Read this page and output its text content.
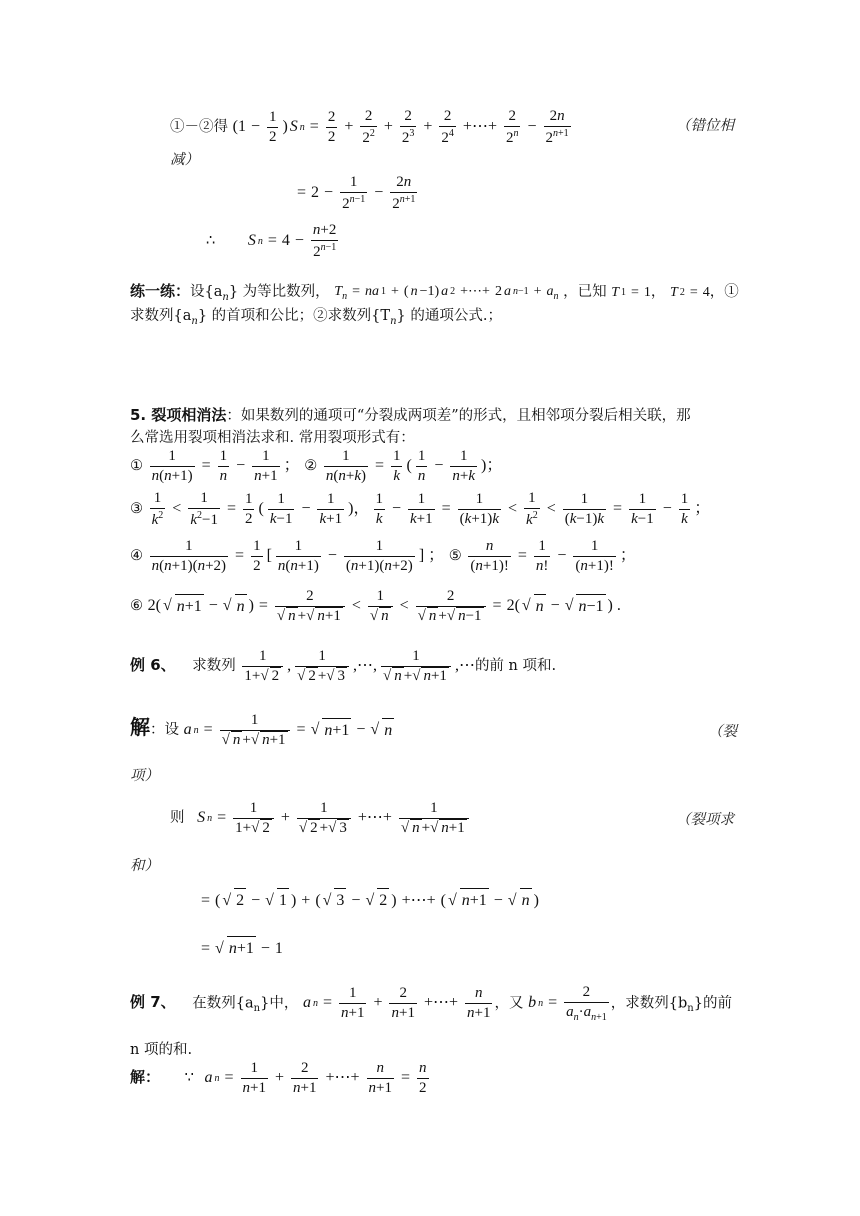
①－②得 ($1 - \frac{1}{2}$ ) S $n = \frac{2}{2} + \frac{2}{2^2} + \frac{2}{2^3} + \frac{2}{2^4}$ +⋯+ $\frac{2}{2^n} - \frac{2n}{2^{n+1}}$	（错位相
减）
= $2 - \frac{1}{2^{n-1}} - \frac{2n}{2^{n+1}}$
∴ S $n = 4 - \frac{n+2}{2^{n-1}}$
练一练：设$\{a_n\}$ 为等比数列， $T_n$ = na 1 + ( n −1) a 2 +⋯+ 2 a $n-1 + a_n$ ，已知 T 1 = 1， T 2 = 4，①
求数列$\{a_n\}$ 的首项和公比；②求数列$\{T_n\}$ 的通项公式.；
5. 裂项相消法：如果数列的通项可“分裂成两项差”的形式，且相邻项分裂后相关联，那
么常选用裂项相消法求和. 常用裂项形式有：
① $\frac{1}{n(n+1)} = \frac{1}{n} - \frac{1}{n+1}$ ； ② $\frac{1}{n(n+k)} = \frac{1}{k}$ ( $\frac{1}{n} - \frac{1}{n+k}$ )；
③ $\frac{1}{k^2} < \frac{1}{k^2-1} = \frac{1}{2}$ ( $\frac{1}{k-1} - \frac{1}{k+1}$ )， $\frac{1}{k} - \frac{1}{k+1} = \frac{1}{(k+1)k} < \frac{1}{k^2} < \frac{1}{(k-1)k} = \frac{1}{k-1} - \frac{1}{k}$ ；
④ $\frac{1}{n(n+1)(n+2)} = \frac{1}{2}$ [ $\frac{1}{n(n+1)} - \frac{1}{(n+1)(n+2)}$ ] ； ⑤ $\frac{n}{(n+1)!} = \frac{1}{n!} - \frac{1}{(n+1)!}$ ；
⑥ 2( √ n+1 − √ n ) = 2
√ n + √ n+1 < 1
√ n < 2
√ n + √ n−1 = 2( √ n − √ n−1 ) .
例 6、 求数列 $\frac{1}{1+ √ 2}$ , 1
√ 2 + √ 3 ,⋯, 1
√ n + √ n+1 ,⋯的前 n 项和.
解：设 a n = 1
√ n + √ n+1 = √ n+1 − √ n	（裂
项）
则 S $n = \frac{1}{1+ √ 2} + 1$
√ 2 + √ 3 +⋯+ 1
√ n + √ n+1	（裂项求
和）
= ( √ 2 − √ 1 ) + ( √ 3 − √ 2 ) +⋯+ ( √ n+1 − √ n )
= √ n+1 − 1
例 7、 在数列$\{a_n\}$中， a $n = \frac{1}{n+1} + \frac{2}{n+1}$ +⋯+ $\frac{n}{n+1}$ ，又 b $n = \frac{2}{a_n\cdot a_{n+1}}$ ，求数列$\{b_n\}$的前
n 项的和.
解： ∵ a $n = \frac{1}{n+1} + \frac{2}{n+1}$ +⋯+ $\frac{n}{n+1} = \frac{n}{2}$
